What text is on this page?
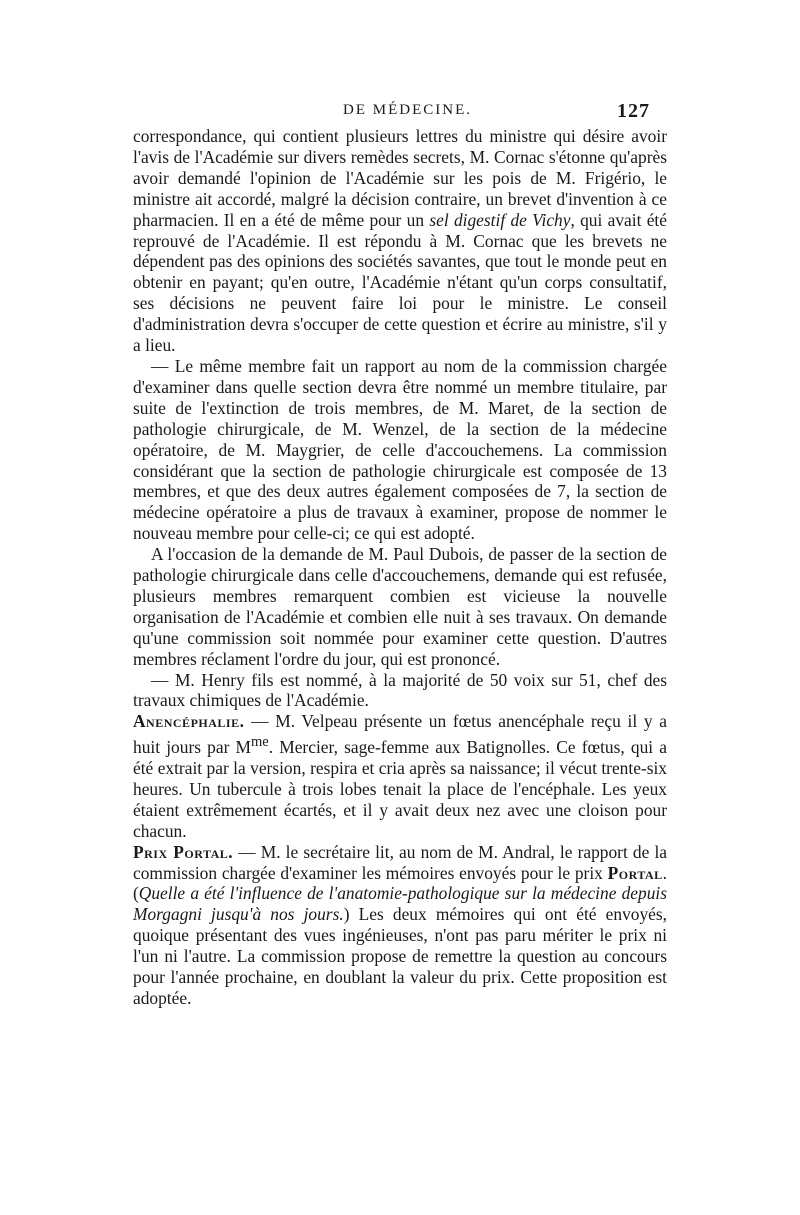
DE MÉDECINE.	127

correspondance, qui contient plusieurs lettres du ministre qui désire avoir l'avis de l'Académie sur divers remèdes secrets, M. Cornac s'étonne qu'après avoir demandé l'opinion de l'Académie sur les pois de M. Frigério, le ministre ait accordé, malgré la décision contraire, un brevet d'invention à ce pharmacien. Il en a été de même pour un sel digestif de Vichy, qui avait été reprouvé de l'Académie. Il est répondu à M. Cornac que les brevets ne dépendent pas des opinions des sociétés savantes, que tout le monde peut en obtenir en payant; qu'en outre, l'Académie n'étant qu'un corps consultatif, ses décisions ne peuvent faire loi pour le ministre. Le conseil d'administration devra s'occuper de cette question et écrire au ministre, s'il y a lieu.

— Le même membre fait un rapport au nom de la commission chargée d'examiner dans quelle section devra être nommé un membre titulaire, par suite de l'extinction de trois membres, de M. Maret, de la section de pathologie chirurgicale, de M. Wenzel, de la section de la médecine opératoire, de M. Maygrier, de celle d'accouchemens. La commission considérant que la section de pathologie chirurgicale est composée de 13 membres, et que des deux autres également composées de 7, la section de médecine opératoire a plus de travaux à examiner, propose de nommer le nouveau membre pour celle-ci; ce qui est adopté.

A l'occasion de la demande de M. Paul Dubois, de passer de la section de pathologie chirurgicale dans celle d'accouchemens, demande qui est refusée, plusieurs membres remarquent combien est vicieuse la nouvelle organisation de l'Académie et combien elle nuit à ses travaux. On demande qu'une commission soit nommée pour examiner cette question. D'autres membres réclament l'ordre du jour, qui est prononcé.

— M. Henry fils est nommé, à la majorité de 50 voix sur 51, chef des travaux chimiques de l'Académie.

Anencéphalie. — M. Velpeau présente un fœtus anencéphale reçu il y a huit jours par $M^{me}$. Mercier, sage-femme aux Batignolles. Ce fœtus, qui a été extrait par la version, respira et cria après sa naissance; il vécut trente-six heures. Un tubercule à trois lobes tenait la place de l'encéphale. Les yeux étaient extrêmement écartés, et il y avait deux nez avec une cloison pour chacun.

Prix Portal. — M. le secrétaire lit, au nom de M. Andral, le rapport de la commission chargée d'examiner les mémoires envoyés pour le prix Portal. (Quelle a été l'influence de l'anatomie-pathologique sur la médecine depuis Morgagni jusqu'à nos jours.) Les deux mémoires qui ont été envoyés, quoique présentant des vues ingénieuses, n'ont pas paru mériter le prix ni l'un ni l'autre. La commission propose de remettre la question au concours pour l'année prochaine, en doublant la valeur du prix. Cette proposition est adoptée.
